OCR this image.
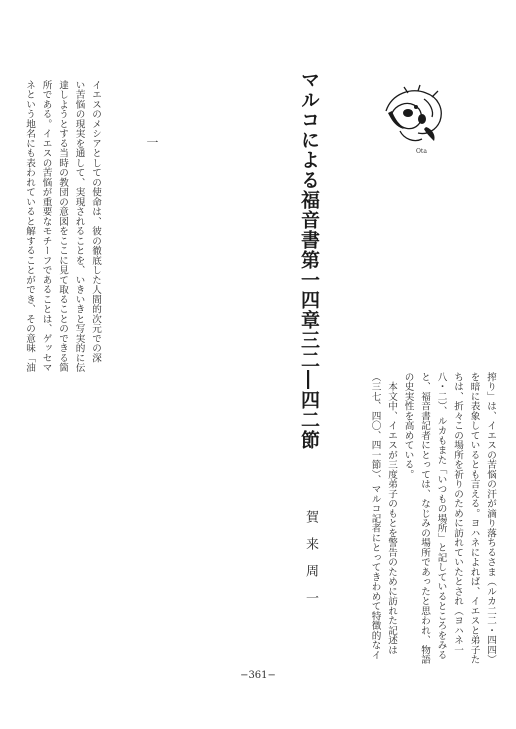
マルコによる福音書第一四章三二―四二節
賀来周一
Ota
一
イエスのメシアとしての使命は、彼の徹底した人間的次元での深
い苦悩の現実を通して、実現されることを、いきいきと写実的に伝
達しようとする当時の教団の意図をここに見て取ることのできる箇
所である。イエスの苦悩が重要なモチーフであることは、ゲッセマ
ネという地名にも表われていると解することができ、その意味「油
搾り」は、イエスの苦悩の汗が滴り落ちるさま（ルカ二二・四四）
を暗に表象しているとも言える。ヨハネによれば、イエスと弟子た
ちは、折々この場所を祈りのために訪れていたとされ（ヨハネ一
八・二）、ルカもまた「いつもの場所」と記しているところをみる
と、福音書記者にとっては、なじみの場所であったと思われ、物語
の史実性を高めている。
　本文中、イエスが三度弟子のもとを警告のために訪れた記述は
（三七、四〇、四一節）、マルコ記者にとってきわめて特徴的なイ
−361−
